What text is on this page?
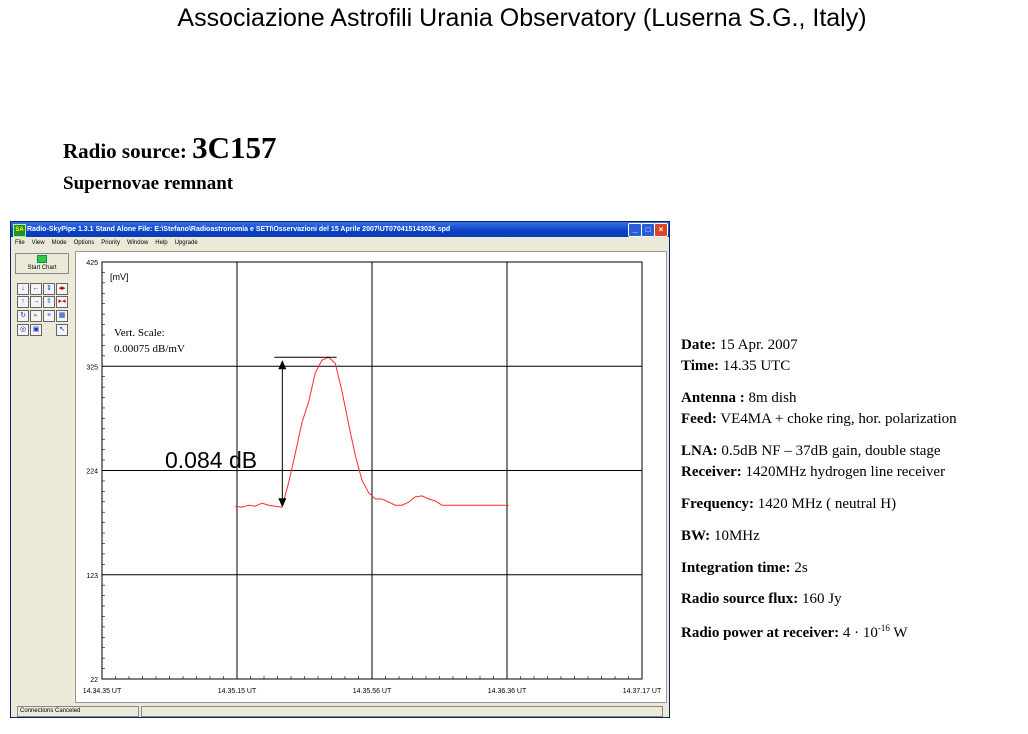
Associazione Astrofili Urania Observatory (Luserna S.G., Italy)
Radio source: 3C157
Supernovae remnant
SA Radio-SkyPipe 1.3.1 Stand Alone File: E:\Stefano\Radioastronomia e SETI\Osservazioni del 15 Aprile 2007\UT070415143026.spd	_	□	×
File View Mode Options Priority Window Help Upgrade
Start Chart
↓	← ⇕ ◂▸
↑	→ ⇳ ▸◂
↻	▸	+	▦
◎ ▣	↖
425
325
224
123
22
14.34.35 UT	14.35.15 UT	14.35.56 UT	14.36.36 UT	14.37.17 UT
[mV]
Vert. Scale:
0.00075 dB/mV
0.084 dB
Connections Canceled
Date: 15 Apr. 2007
Time: 14.35 UTC
Antenna : 8m dish
Feed: VE4MA + choke ring, hor. polarization
LNA: 0.5dB NF – 37dB gain, double stage
Receiver: 1420MHz hydrogen line receiver
Frequency: 1420 MHz ( neutral H)
BW: 10MHz
Integration time: 2s
Radio source flux: 160 Jy
Radio power at receiver: $4 \cdot 10^{-16}$ W
